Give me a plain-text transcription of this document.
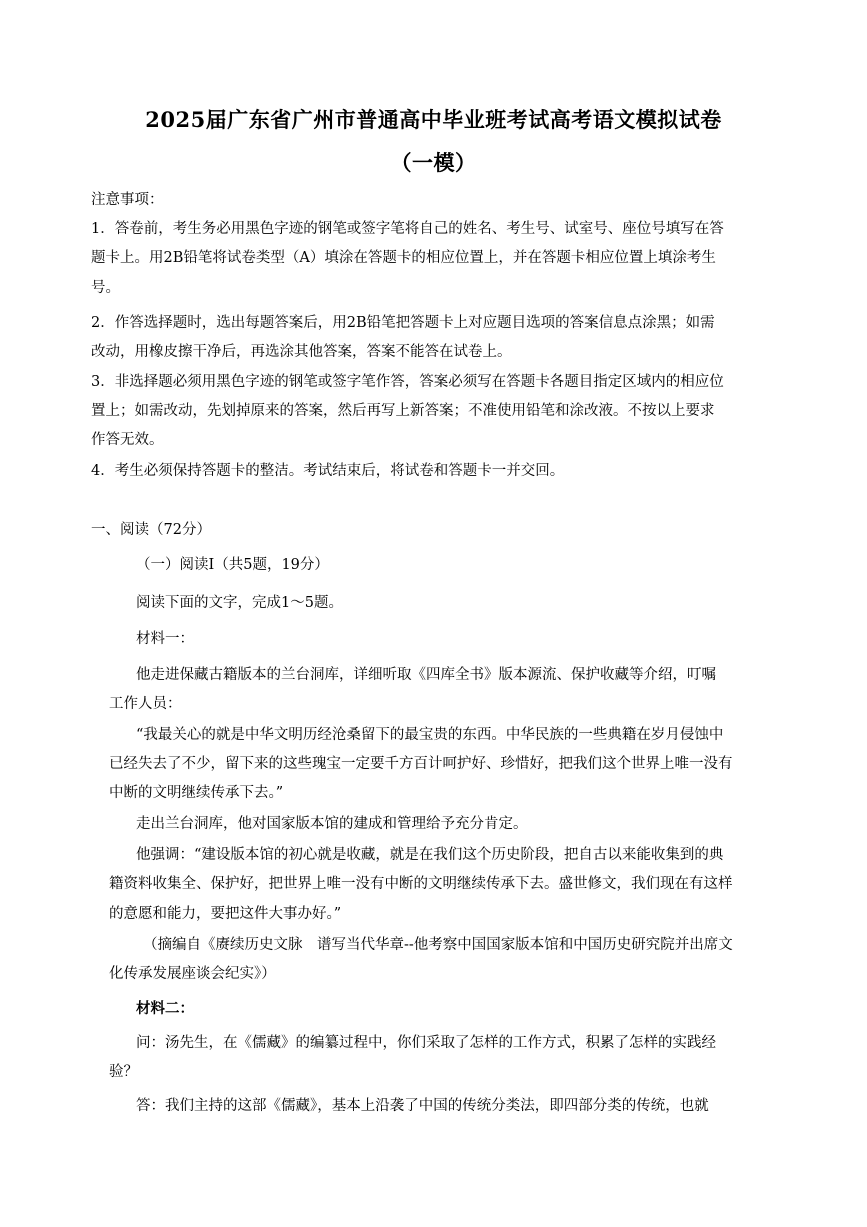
2025届广东省广州市普通高中毕业班考试高考语文模拟试卷
（一模）
注意事项：
1．答卷前，考生务必用黑色字迹的钢笔或签字笔将自己的姓名、考生号、试室号、座位号填写在答
题卡上。用2B铅笔将试卷类型（A）填涂在答题卡的相应位置上，并在答题卡相应位置上填涂考生
号。
2．作答选择题时，选出每题答案后，用2B铅笔把答题卡上对应题目选项的答案信息点涂黑；如需
改动，用橡皮擦干净后，再选涂其他答案，答案不能答在试卷上。
3．非选择题必须用黑色字迹的钢笔或签字笔作答，答案必须写在答题卡各题目指定区域内的相应位
置上；如需改动，先划掉原来的答案，然后再写上新答案；不准使用铅笔和涂改液。不按以上要求
作答无效。
4．考生必须保持答题卡的整洁。考试结束后，将试卷和答题卡一并交回。
一、阅读（72分）
（一）阅读Ⅰ（共5题，19分）
阅读下面的文字，完成1～5题。
材料一：
他走进保藏古籍版本的兰台洞库，详细听取《四库全书》版本源流、保护收藏等介绍，叮嘱
工作人员：
“我最关心的就是中华文明历经沧桑留下的最宝贵的东西。中华民族的一些典籍在岁月侵蚀中
已经失去了不少，留下来的这些瑰宝一定要千方百计呵护好、珍惜好，把我们这个世界上唯一没有
中断的文明继续传承下去。”
走出兰台洞库，他对国家版本馆的建成和管理给予充分肯定。
他强调：“建设版本馆的初心就是收藏，就是在我们这个历史阶段，把自古以来能收集到的典
籍资料收集全、保护好，把世界上唯一没有中断的文明继续传承下去。盛世修文，我们现在有这样
的意愿和能力，要把这件大事办好。”
（摘编自《赓续历史文脉　谱写当代华章--他考察中国国家版本馆和中国历史研究院并出席文
化传承发展座谈会纪实》）
材料二：
问：汤先生，在《儒藏》的编纂过程中，你们采取了怎样的工作方式，积累了怎样的实践经
验？
答：我们主持的这部《儒藏》，基本上沿袭了中国的传统分类法，即四部分类的传统，也就
